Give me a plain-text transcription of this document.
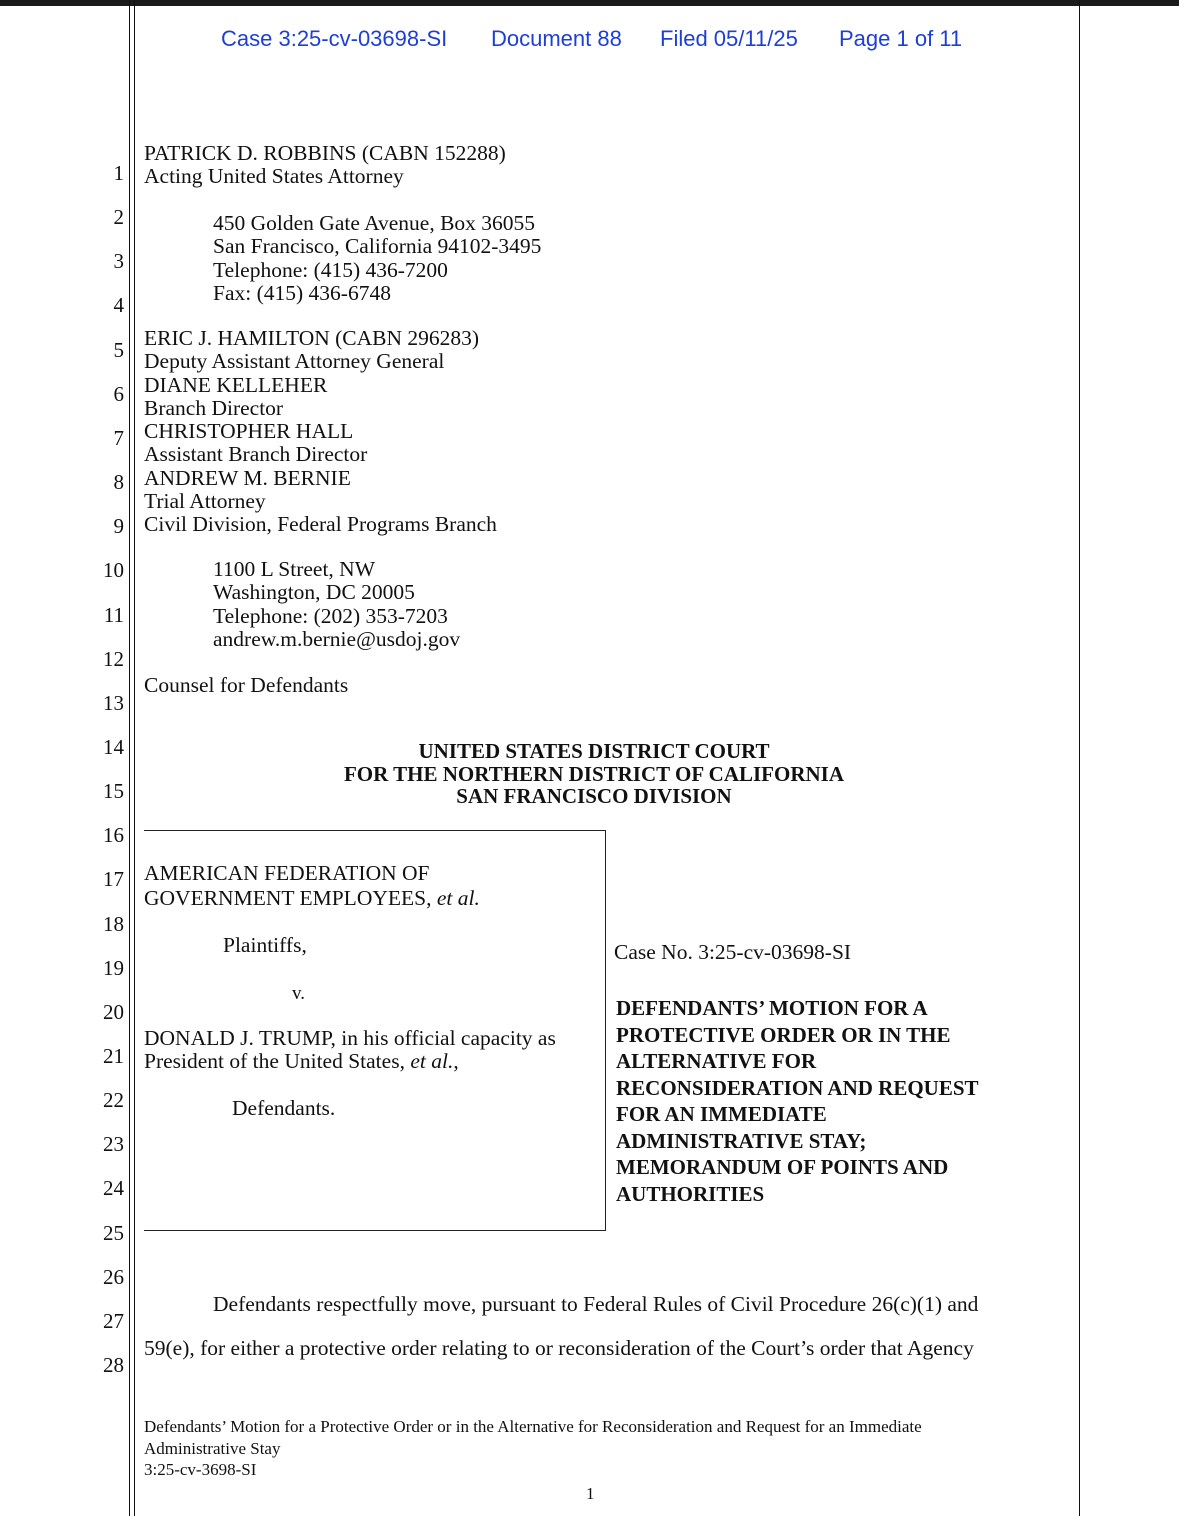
Case 3:25-cv-03698-SI Document 88 Filed 05/11/25 Page 1 of 11
1
2
3
4
5
6
7
8
9
10
11
12
13
14
15
16
17
18
19
20
21
22
23
24
25
26
27
28
PATRICK D. ROBBINS (CABN 152288)
Acting United States Attorney
450 Golden Gate Avenue, Box 36055
San Francisco, California 94102-3495
Telephone: (415) 436-7200
Fax: (415) 436-6748
ERIC J. HAMILTON (CABN 296283)
Deputy Assistant Attorney General
DIANE KELLEHER
Branch Director
CHRISTOPHER HALL
Assistant Branch Director
ANDREW M. BERNIE
Trial Attorney
Civil Division, Federal Programs Branch
1100 L Street, NW
Washington, DC 20005
Telephone: (202) 353-7203
andrew.m.bernie@usdoj.gov
Counsel for Defendants
UNITED STATES DISTRICT COURT
FOR THE NORTHERN DISTRICT OF CALIFORNIA
SAN FRANCISCO DIVISION
AMERICAN FEDERATION OF
GOVERNMENT EMPLOYEES, et al.
Plaintiffs,
v.
DONALD J. TRUMP, in his official capacity as
President of the United States, et al.,
Defendants.
Case No. 3:25-cv-03698-SI
DEFENDANTS’ MOTION FOR A
PROTECTIVE ORDER OR IN THE
ALTERNATIVE FOR
RECONSIDERATION AND REQUEST
FOR AN IMMEDIATE
ADMINISTRATIVE STAY;
MEMORANDUM OF POINTS AND
AUTHORITIES
Defendants respectfully move, pursuant to Federal Rules of Civil Procedure 26(c)(1) and
59(e), for either a protective order relating to or reconsideration of the Court’s order that Agency
Defendants’ Motion for a Protective Order or in the Alternative for Reconsideration and Request for an Immediate
Administrative Stay
3:25-cv-3698-SI
1
